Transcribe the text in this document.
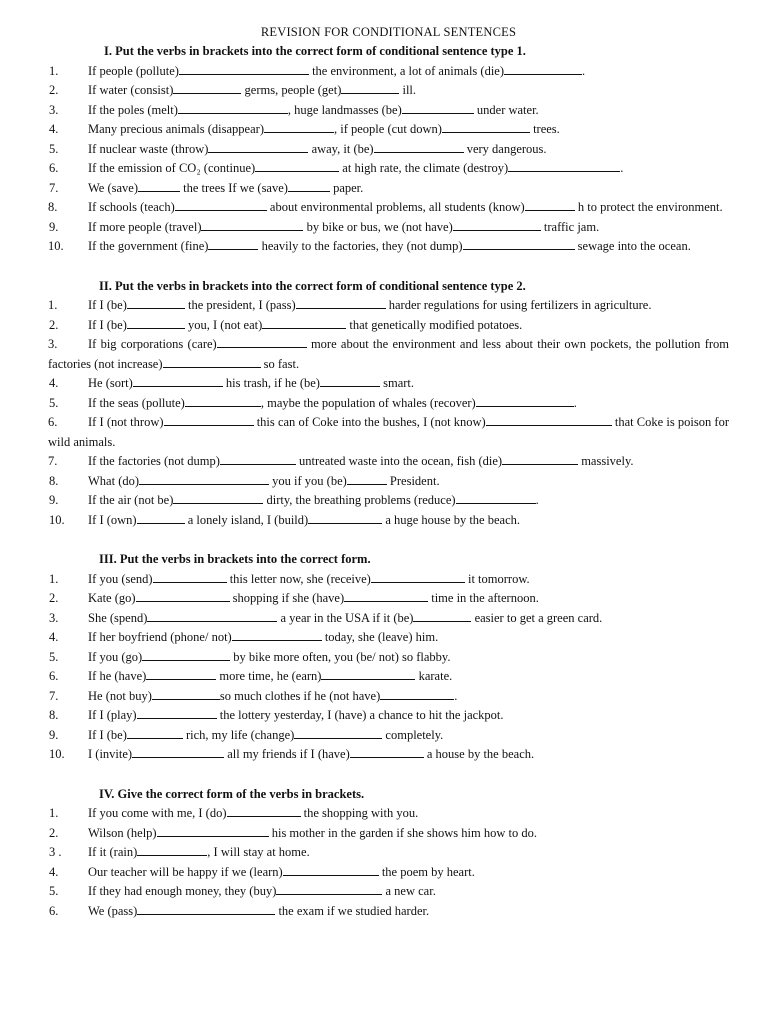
REVISION FOR CONDITIONAL SENTENCES
I. Put the verbs in brackets into the correct form of conditional sentence type 1.
1.	If people (pollute)	the environment, a lot of animals (die)	.
2.	If water (consist)	germs, people (get)	ill.
3.	If the poles (melt)	, huge landmasses (be)	under water.
4.	Many precious animals (disappear)	, if people (cut down)	trees.
5.	If nuclear waste (throw)	away, it (be)	very dangerous.
6.	If the emission of CO₂ (continue)	at high rate, the climate (destroy)	.
7.	We (save)	the trees If we (save)	paper.
8.	If schools (teach)	about environmental problems, all students (know)	h to protect the environment.
9.	If more people (travel)	by bike or bus, we (not have)	traffic jam.
10.	If the government (fine)	heavily to the factories, they (not dump)	sewage into the ocean.
II. Put the verbs in brackets into the correct form of conditional sentence type 2.
1.	If I (be)	the president, I (pass)	harder regulations for using fertilizers in agriculture.
2.	If I (be)	you, I (not eat)	that genetically modified potatoes.
3.	If big corporations (care)	more about the environment and less about their own pockets, the pollution from factories (not increase)	so fast.
4.	He (sort)	his trash, if he (be)	smart.
5.	If the seas (pollute)	, maybe the population of whales (recover)	.
6.	If I (not throw)	this can of Coke into the bushes, I (not know)	that Coke is poison for wild animals.
7.	If the factories (not dump)	untreated waste into the ocean, fish (die)	massively.
8.	What (do)	you if you (be)	President.
9.	If the air (not be)	dirty, the breathing problems (reduce)	.
10.	If I (own)	a lonely island, I (build)	a huge house by the beach.
III. Put the verbs in brackets into the correct form.
1.	If you (send)	this letter now, she (receive)	it tomorrow.
2.	Kate (go)	shopping if she (have)	time in the afternoon.
3.	She (spend)	a year in the USA if it (be)	easier to get a green card.
4.	If her boyfriend (phone/ not)	today, she (leave) him.
5.	If you (go)	by bike more often, you (be/ not) so flabby.
6.	If he (have)	more time, he (earn)	karate.
7.	He (not buy)	so much clothes if he (not have)	.
8.	If I (play)	the lottery yesterday, I (have) a chance to hit the jackpot.
9.	If I (be)	rich, my life (change)	completely.
10.	I (invite)	all my friends if I (have)	a house by the beach.
IV. Give the correct form of the verbs in brackets.
1.	If you come with me, I (do)	the shopping with you.
2.	Wilson (help)	his mother in the garden if she shows him how to do.
3 .	If it (rain)	, I will stay at home.
4.	Our teacher will be happy if we (learn)	the poem by heart.
5.	If they had enough money, they (buy)	a new car.
6.	We (pass)	the exam if we studied harder.
